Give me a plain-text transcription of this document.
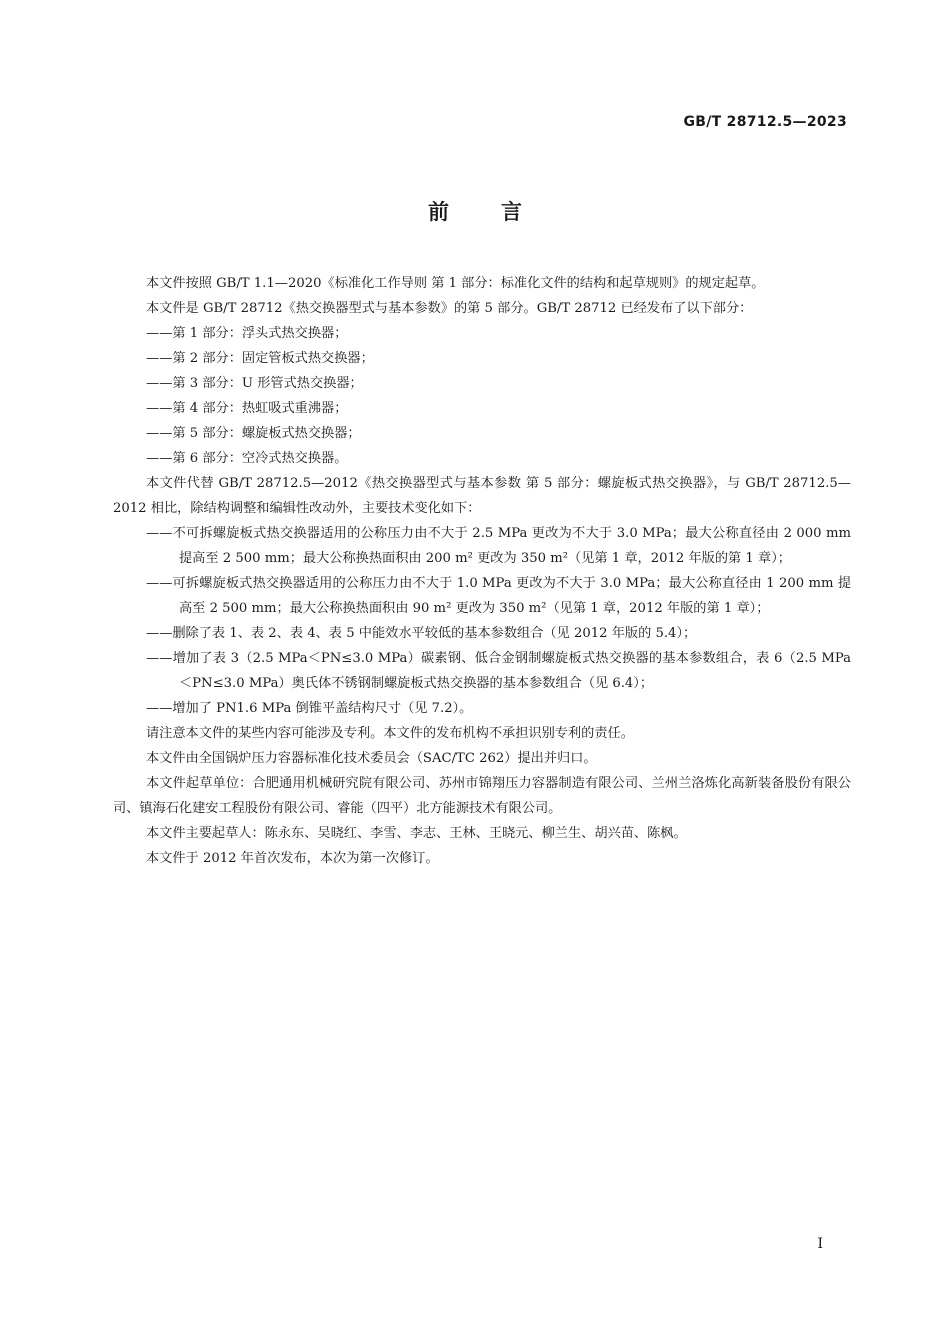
GB/T 28712.5—2023
前言

本文件按照 GB/T 1.1—2020《标准化工作导则 第 1 部分：标准化文件的结构和起草规则》的规定起草。

本文件是 GB/T 28712《热交换器型式与基本参数》的第 5 部分。GB/T 28712 已经发布了以下部分：

——第 1 部分：浮头式热交换器；

——第 2 部分：固定管板式热交换器；

——第 3 部分：U 形管式热交换器；

——第 4 部分：热虹吸式重沸器；

——第 5 部分：螺旋板式热交换器；

——第 6 部分：空冷式热交换器。

本文件代替 GB/T 28712.5—2012《热交换器型式与基本参数 第 5 部分：螺旋板式热交换器》，与 GB/T 28712.5—2012 相比，除结构调整和编辑性改动外，主要技术变化如下：

——不可拆螺旋板式热交换器适用的公称压力由不大于 2.5 MPa 更改为不大于 3.0 MPa；最大公称直径由 2 000 mm 提高至 2 500 mm；最大公称换热面积由 200 m² 更改为 350 m²（见第 1 章，2012 年版的第 1 章）；

——可拆螺旋板式热交换器适用的公称压力由不大于 1.0 MPa 更改为不大于 3.0 MPa；最大公称直径由 1 200 mm 提高至 2 500 mm；最大公称换热面积由 90 m² 更改为 350 m²（见第 1 章，2012 年版的第 1 章）；

——删除了表 1、表 2、表 4、表 5 中能效水平较低的基本参数组合（见 2012 年版的 5.4）；

——增加了表 3（2.5 MPa＜PN≤3.0 MPa）碳素钢、低合金钢制螺旋板式热交换器的基本参数组合，表 6（2.5 MPa＜PN≤3.0 MPa）奥氏体不锈钢制螺旋板式热交换器的基本参数组合（见 6.4）；

——增加了 PN1.6 MPa 倒锥平盖结构尺寸（见 7.2）。

请注意本文件的某些内容可能涉及专利。本文件的发布机构不承担识别专利的责任。

本文件由全国锅炉压力容器标准化技术委员会（SAC/TC 262）提出并归口。

本文件起草单位：合肥通用机械研究院有限公司、苏州市锦翔压力容器制造有限公司、兰州兰洛炼化高新装备股份有限公司、镇海石化建安工程股份有限公司、睿能（四平）北方能源技术有限公司。

本文件主要起草人：陈永东、吴晓红、李雪、李志、王林、王晓元、柳兰生、胡兴苗、陈枫。

本文件于 2012 年首次发布，本次为第一次修订。

I
